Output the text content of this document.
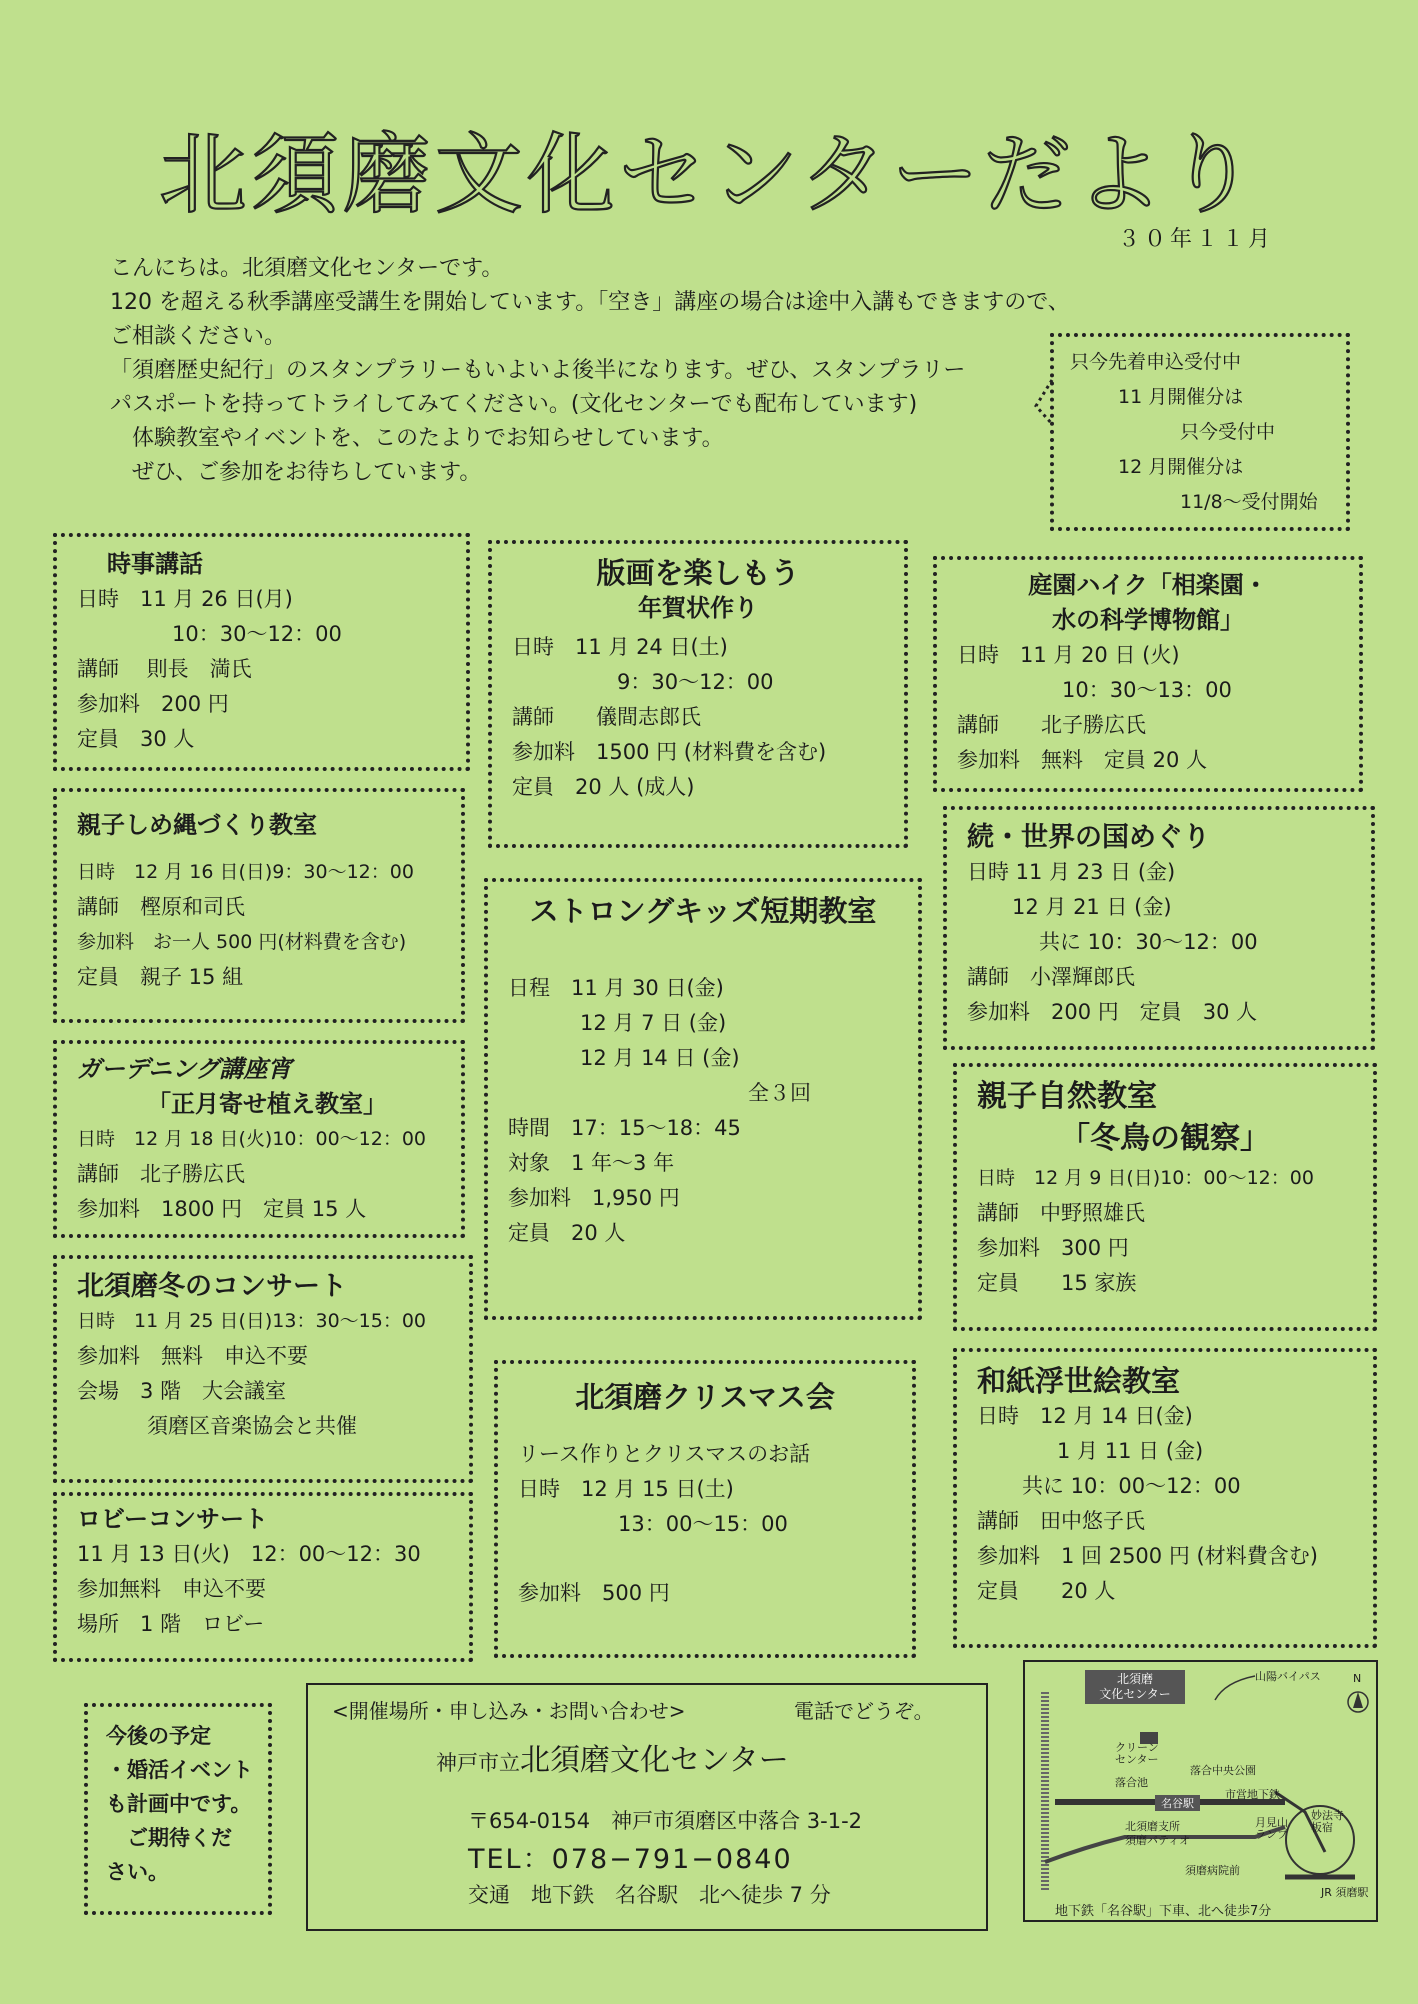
北須磨文化センターだより
３０年１１月
こんにちは。北須磨文化センターです。
120 を超える秋季講座受講生を開始しています。「空き」講座の場合は途中入講もできますので、
ご相談ください。
「須磨歴史紀行」のスタンプラリーもいよいよ後半になります。ぜひ、スタンプラリー
パスポートを持ってトライしてみてください。(文化センターでも配布しています)
　体験教室やイベントを、このたよりでお知らせしています。
　ぜひ、ご参加をお待ちしています。
只今先着申込受付中
11 月開催分は
只今受付中
12 月開催分は
11/8～受付開始
時事講話
日時　11 月 26 日(月)
10：30～12：00
講師　 則長　満氏
参加料　200 円
定員　30 人
親子しめ縄づくり教室
日時　12 月 16 日(日)9：30～12：00
講師　樫原和司氏
参加料　お一人 500 円(材料費を含む)
定員　親子 15 組
ガーデニング講座宵
「正月寄せ植え教室」
日時　12 月 18 日(火)10：00～12：00
講師　北子勝広氏
参加料　1800 円　定員 15 人
北須磨冬のコンサート
日時　11 月 25 日(日)13：30～15：00
参加料　無料　申込不要
会場　3 階　大会議室
須磨区音楽協会と共催
ロビーコンサート
11 月 13 日(火)　12：00～12：30
参加無料　申込不要
場所　1 階　ロビー
今後の予定
・婚活イベント
も計画中です。
　ご期待くだ
さい。
版画を楽しもう
年賀状作り
日時　11 月 24 日(土)
9：30～12：00
講師　　儀間志郎氏
参加料　1500 円 (材料費を含む)
定員　20 人 (成人)
ストロングキッズ短期教室
日程　11 月 30 日(金)
12 月 7 日 (金)
12 月 14 日 (金)
全３回
時間　17：15～18：45
対象　1 年～3 年
参加料　1,950 円
定員　20 人
北須磨クリスマス会
リース作りとクリスマスのお話
日時　12 月 15 日(土)
13：00～15：00
参加料　500 円
庭園ハイク「相楽園・
水の科学博物館」
日時　11 月 20 日 (火)
10：30～13：00
講師　　北子勝広氏
参加料　無料　定員 20 人
続・世界の国めぐり
日時 11 月 23 日 (金)
12 月 21 日 (金)
共に 10：30～12：00
講師　小澤輝郎氏
参加料　200 円　定員　30 人
親子自然教室
「冬鳥の観察」
日時　12 月 9 日(日)10：00～12：00
講師　中野照雄氏
参加料　300 円
定員　　15 家族
和紙浮世絵教室
日時　12 月 14 日(金)
1 月 11 日 (金)
共に 10：00～12：00
講師　田中悠子氏
参加料　1 回 2500 円 (材料費含む)
定員　　20 人
<開催場所・申し込み・お問い合わせ>	電話でどうぞ。
神戸市立北須磨文化センター
〒654-0154　神戸市須磨区中落合 3-1-2
TEL：078−791−0840
交通　地下鉄　名谷駅　北へ徒歩 7 分
北須磨
文化センター
山陽バイパス	N
クリーン
センター
落合中央公園
落合池
名谷駅
市営地下鉄
北須磨支所
須磨パティオ
月見山
ランプ
妙法寺
板宿
須磨病院前
JR 須磨駅
地下鉄「名谷駅」下車、北へ徒歩7分
